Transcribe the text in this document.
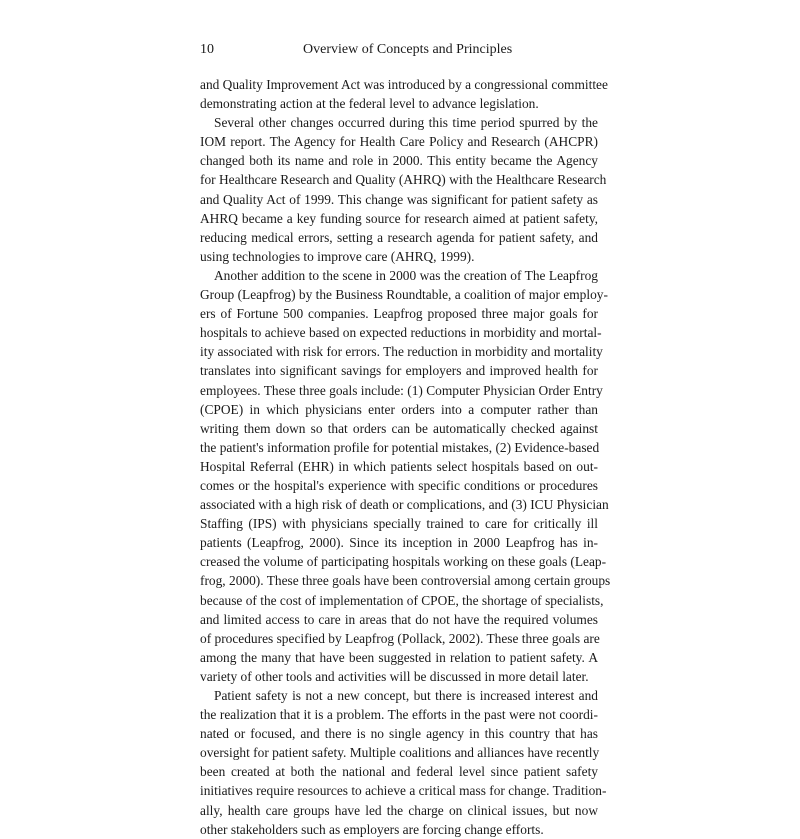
10	Overview of Concepts and Principles
and Quality Improvement Act was introduced by a congressional committee
demonstrating action at the federal level to advance legislation.
Several other changes occurred during this time period spurred by the
IOM report. The Agency for Health Care Policy and Research (AHCPR)
changed both its name and role in 2000. This entity became the Agency
for Healthcare Research and Quality (AHRQ) with the Healthcare Research
and Quality Act of 1999. This change was significant for patient safety as
AHRQ became a key funding source for research aimed at patient safety,
reducing medical errors, setting a research agenda for patient safety, and
using technologies to improve care (AHRQ, 1999).
Another addition to the scene in 2000 was the creation of The Leapfrog
Group (Leapfrog) by the Business Roundtable, a coalition of major employ-
ers of Fortune 500 companies. Leapfrog proposed three major goals for
hospitals to achieve based on expected reductions in morbidity and mortal-
ity associated with risk for errors. The reduction in morbidity and mortality
translates into significant savings for employers and improved health for
employees. These three goals include: (1) Computer Physician Order Entry
(CPOE) in which physicians enter orders into a computer rather than
writing them down so that orders can be automatically checked against
the patient's information profile for potential mistakes, (2) Evidence-based
Hospital Referral (EHR) in which patients select hospitals based on out-
comes or the hospital's experience with specific conditions or procedures
associated with a high risk of death or complications, and (3) ICU Physician
Staffing (IPS) with physicians specially trained to care for critically ill
patients (Leapfrog, 2000). Since its inception in 2000 Leapfrog has in-
creased the volume of participating hospitals working on these goals (Leap-
frog, 2000). These three goals have been controversial among certain groups
because of the cost of implementation of CPOE, the shortage of specialists,
and limited access to care in areas that do not have the required volumes
of procedures specified by Leapfrog (Pollack, 2002). These three goals are
among the many that have been suggested in relation to patient safety. A
variety of other tools and activities will be discussed in more detail later.
Patient safety is not a new concept, but there is increased interest and
the realization that it is a problem. The efforts in the past were not coordi-
nated or focused, and there is no single agency in this country that has
oversight for patient safety. Multiple coalitions and alliances have recently
been created at both the national and federal level since patient safety
initiatives require resources to achieve a critical mass for change. Tradition-
ally, health care groups have led the charge on clinical issues, but now
other stakeholders such as employers are forcing change efforts.
